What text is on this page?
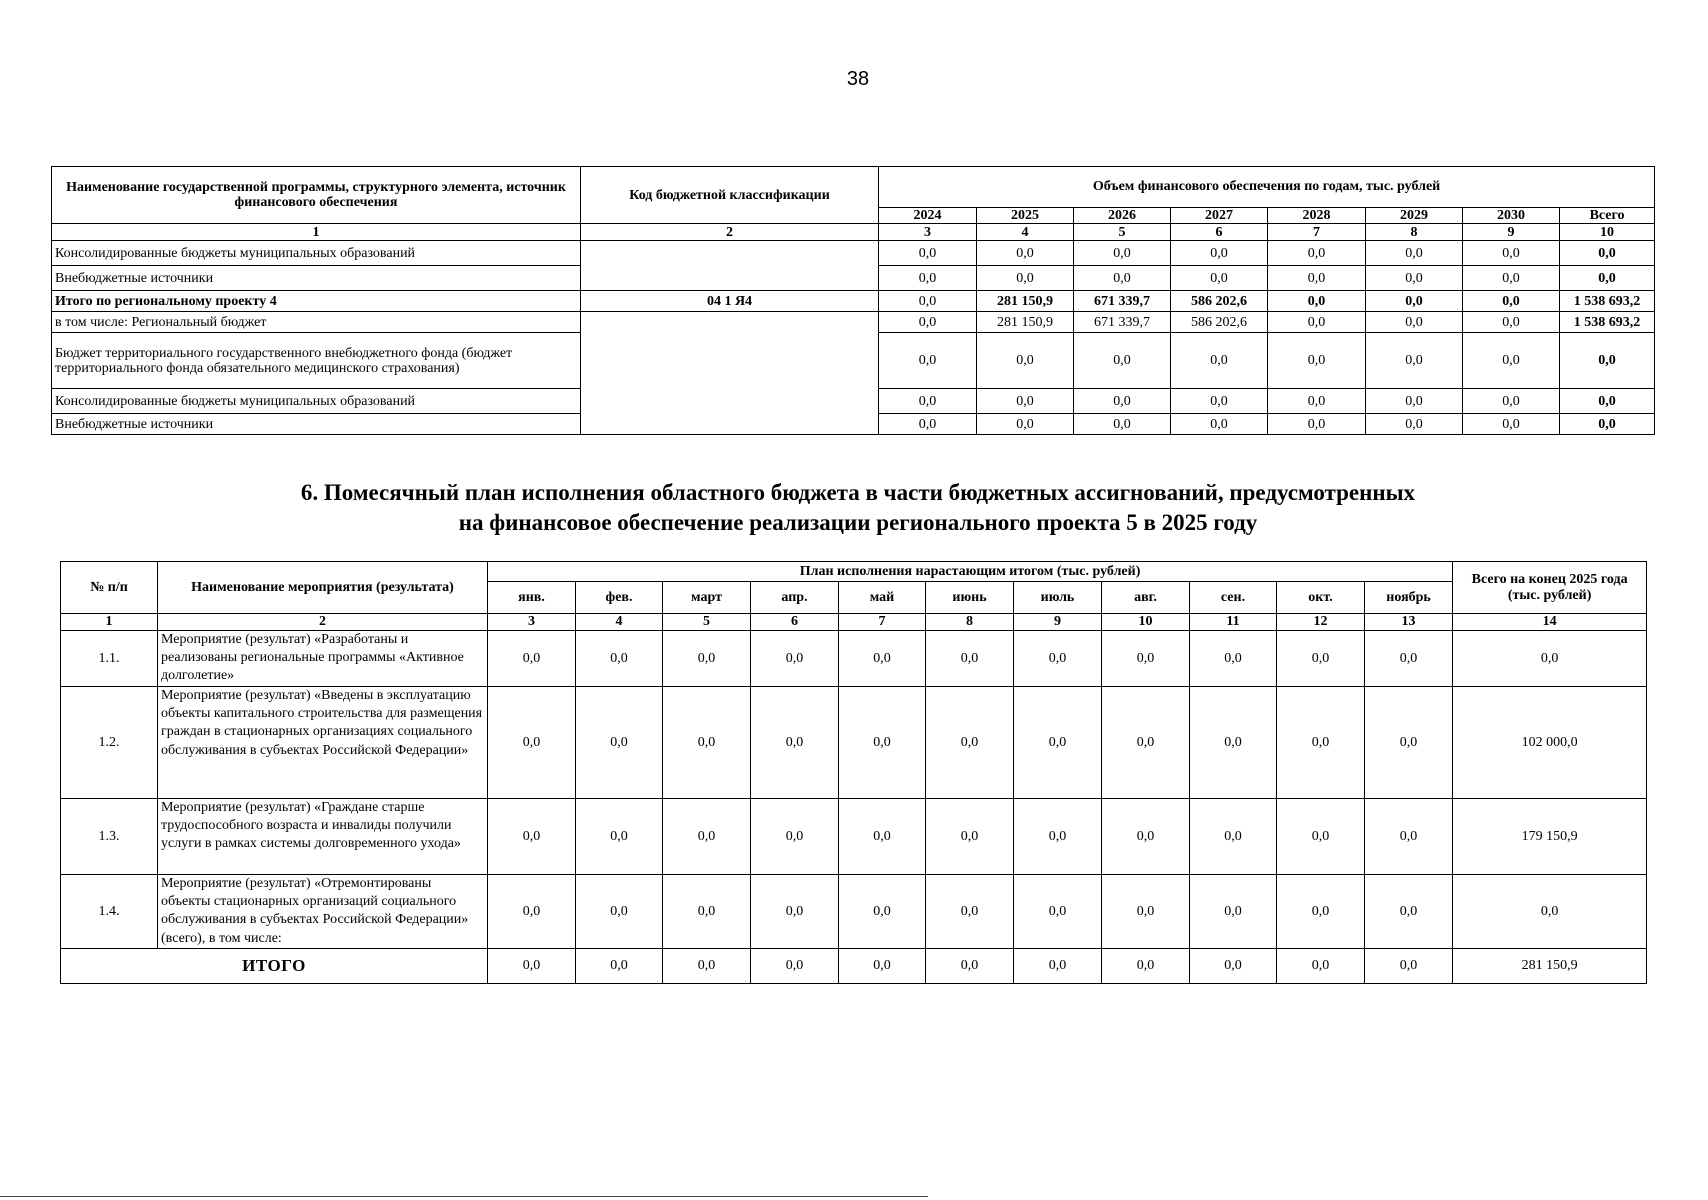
38
Наименование государственной программы, структурного элемента, источник финансового обеспечения	Код бюджетной классификации	Объем финансового обеспечения по годам, тыс. рублей							
		2024	2025	2026	2027	2028	2029	2030	Всего
1	2	3	4	5	6	7	8	9	10
Консолидированные бюджеты муниципальных образований		0,0	0,0	0,0	0,0	0,0	0,0	0,0	0,0
Внебюджетные источники		0,0	0,0	0,0	0,0	0,0	0,0	0,0	0,0
Итого по региональному проекту 4	04 1 Я4	0,0	281 150,9	671 339,7	586 202,6	0,0	0,0	0,0	1 538 693,2
в том числе: Региональный бюджет		0,0	281 150,9	671 339,7	586 202,6	0,0	0,0	0,0	1 538 693,2
Бюджет территориального государственного внебюджетного фонда (бюджет территориального фонда обязательного медицинского страхования)		0,0	0,0	0,0	0,0	0,0	0,0	0,0	0,0
Консолидированные бюджеты муниципальных образований		0,0	0,0	0,0	0,0	0,0	0,0	0,0	0,0
Внебюджетные источники		0,0	0,0	0,0	0,0	0,0	0,0	0,0	0,0
6. Помесячный план исполнения областного бюджета в части бюджетных ассигнований, предусмотренных
на финансовое обеспечение реализации регионального проекта 5 в 2025 году
№ п/п	Наименование мероприятия (результата)	План исполнения нарастающим итогом (тыс. рублей)											Всего на конец 2025 года (тыс. рублей)
		янв.	фев.	март	апр.	май	июнь	июль	авг.	сен.	окт.	ноябрь	
1	2	3	4	5	6	7	8	9	10	11	12	13	14
1.1.	Мероприятие (результат) «Разработаны и реализованы региональные программы «Активное долголетие»	0,0	0,0	0,0	0,0	0,0	0,0	0,0	0,0	0,0	0,0	0,0	0,0
1.2.	Мероприятие (результат) «Введены в эксплуатацию объекты капитального строительства для размещения граждан в стационарных организациях социального обслуживания в субъектах Российской Федерации»	0,0	0,0	0,0	0,0	0,0	0,0	0,0	0,0	0,0	0,0	0,0	102 000,0
1.3.	Мероприятие (результат) «Граждане старше трудоспособного возраста и инвалиды получили услуги в рамках системы долговременного ухода»	0,0	0,0	0,0	0,0	0,0	0,0	0,0	0,0	0,0	0,0	0,0	179 150,9
1.4.	Мероприятие (результат) «Отремонтированы объекты стационарных организаций социального обслуживания в субъектах Российской Федерации» (всего), в том числе:	0,0	0,0	0,0	0,0	0,0	0,0	0,0	0,0	0,0	0,0	0,0	0,0
ИТОГО		0,0	0,0	0,0	0,0	0,0	0,0	0,0	0,0	0,0	0,0	0,0	281 150,9
